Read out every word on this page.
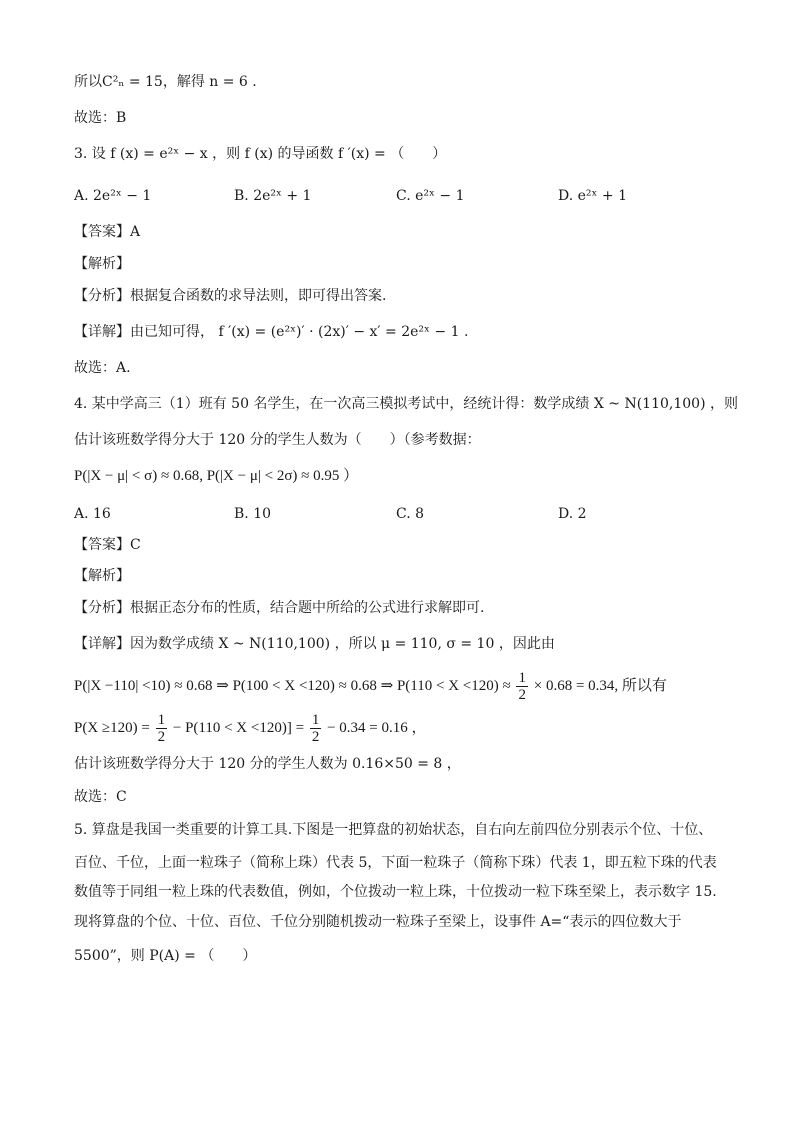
所以C²ₙ = 15，解得 n = 6 .
故选：B
3. 设 f (x) = e²ˣ − x ，则 f (x) 的导函数 f ′(x) = （　　）
A. 2e²ˣ − 1	B. 2e²ˣ + 1	C. e²ˣ − 1	D. e²ˣ + 1
【答案】A
【解析】
【分析】根据复合函数的求导法则，即可得出答案.
【详解】由已知可得， f ′(x) = (e²ˣ)′ · (2x)′ − x′ = 2e²ˣ − 1 .
故选：A.
4. 某中学高三（1）班有 50 名学生，在一次高三模拟考试中，经统计得：数学成绩 X ~ N(110,100) ，则
估计该班数学得分大于 120 分的学生人数为（　　）（参考数据：
P(|X − μ| < σ) ≈ 0.68, P(|X − μ| < 2σ) ≈ 0.95 ）
A. 16	B. 10	C. 8	D. 2
【答案】C
【解析】
【分析】根据正态分布的性质，结合题中所给的公式进行求解即可.
【详解】因为数学成绩 X ~ N(110,100) ，所以 μ = 110, σ = 10 ，因此由
P(|X −110| <10) ≈ 0.68 ⇒ P(100 < X <120) ≈ 0.68 ⇒ $P(110 < X <120) \approx \frac{1}{2} \times 0.68 = 0.34$, 所以有
$P(X \ge 120) = \frac{1}{2} - P(110 < X <120)] = \frac{1}{2} - 0.34 = 0.16$ ，
估计该班数学得分大于 120 分的学生人数为 0.16×50 = 8 ，
故选：C
5. 算盘是我国一类重要的计算工具.下图是一把算盘的初始状态，自右向左前四位分别表示个位、十位、
百位、千位，上面一粒珠子（简称上珠）代表 5，下面一粒珠子（简称下珠）代表 1，即五粒下珠的代表
数值等于同组一粒上珠的代表数值，例如，个位拨动一粒上珠，十位拨动一粒下珠至梁上，表示数字 15.
现将算盘的个位、十位、百位、千位分别随机拨动一粒珠子至梁上，设事件 A=“表示的四位数大于
5500”，则 P(A) = （　　）
